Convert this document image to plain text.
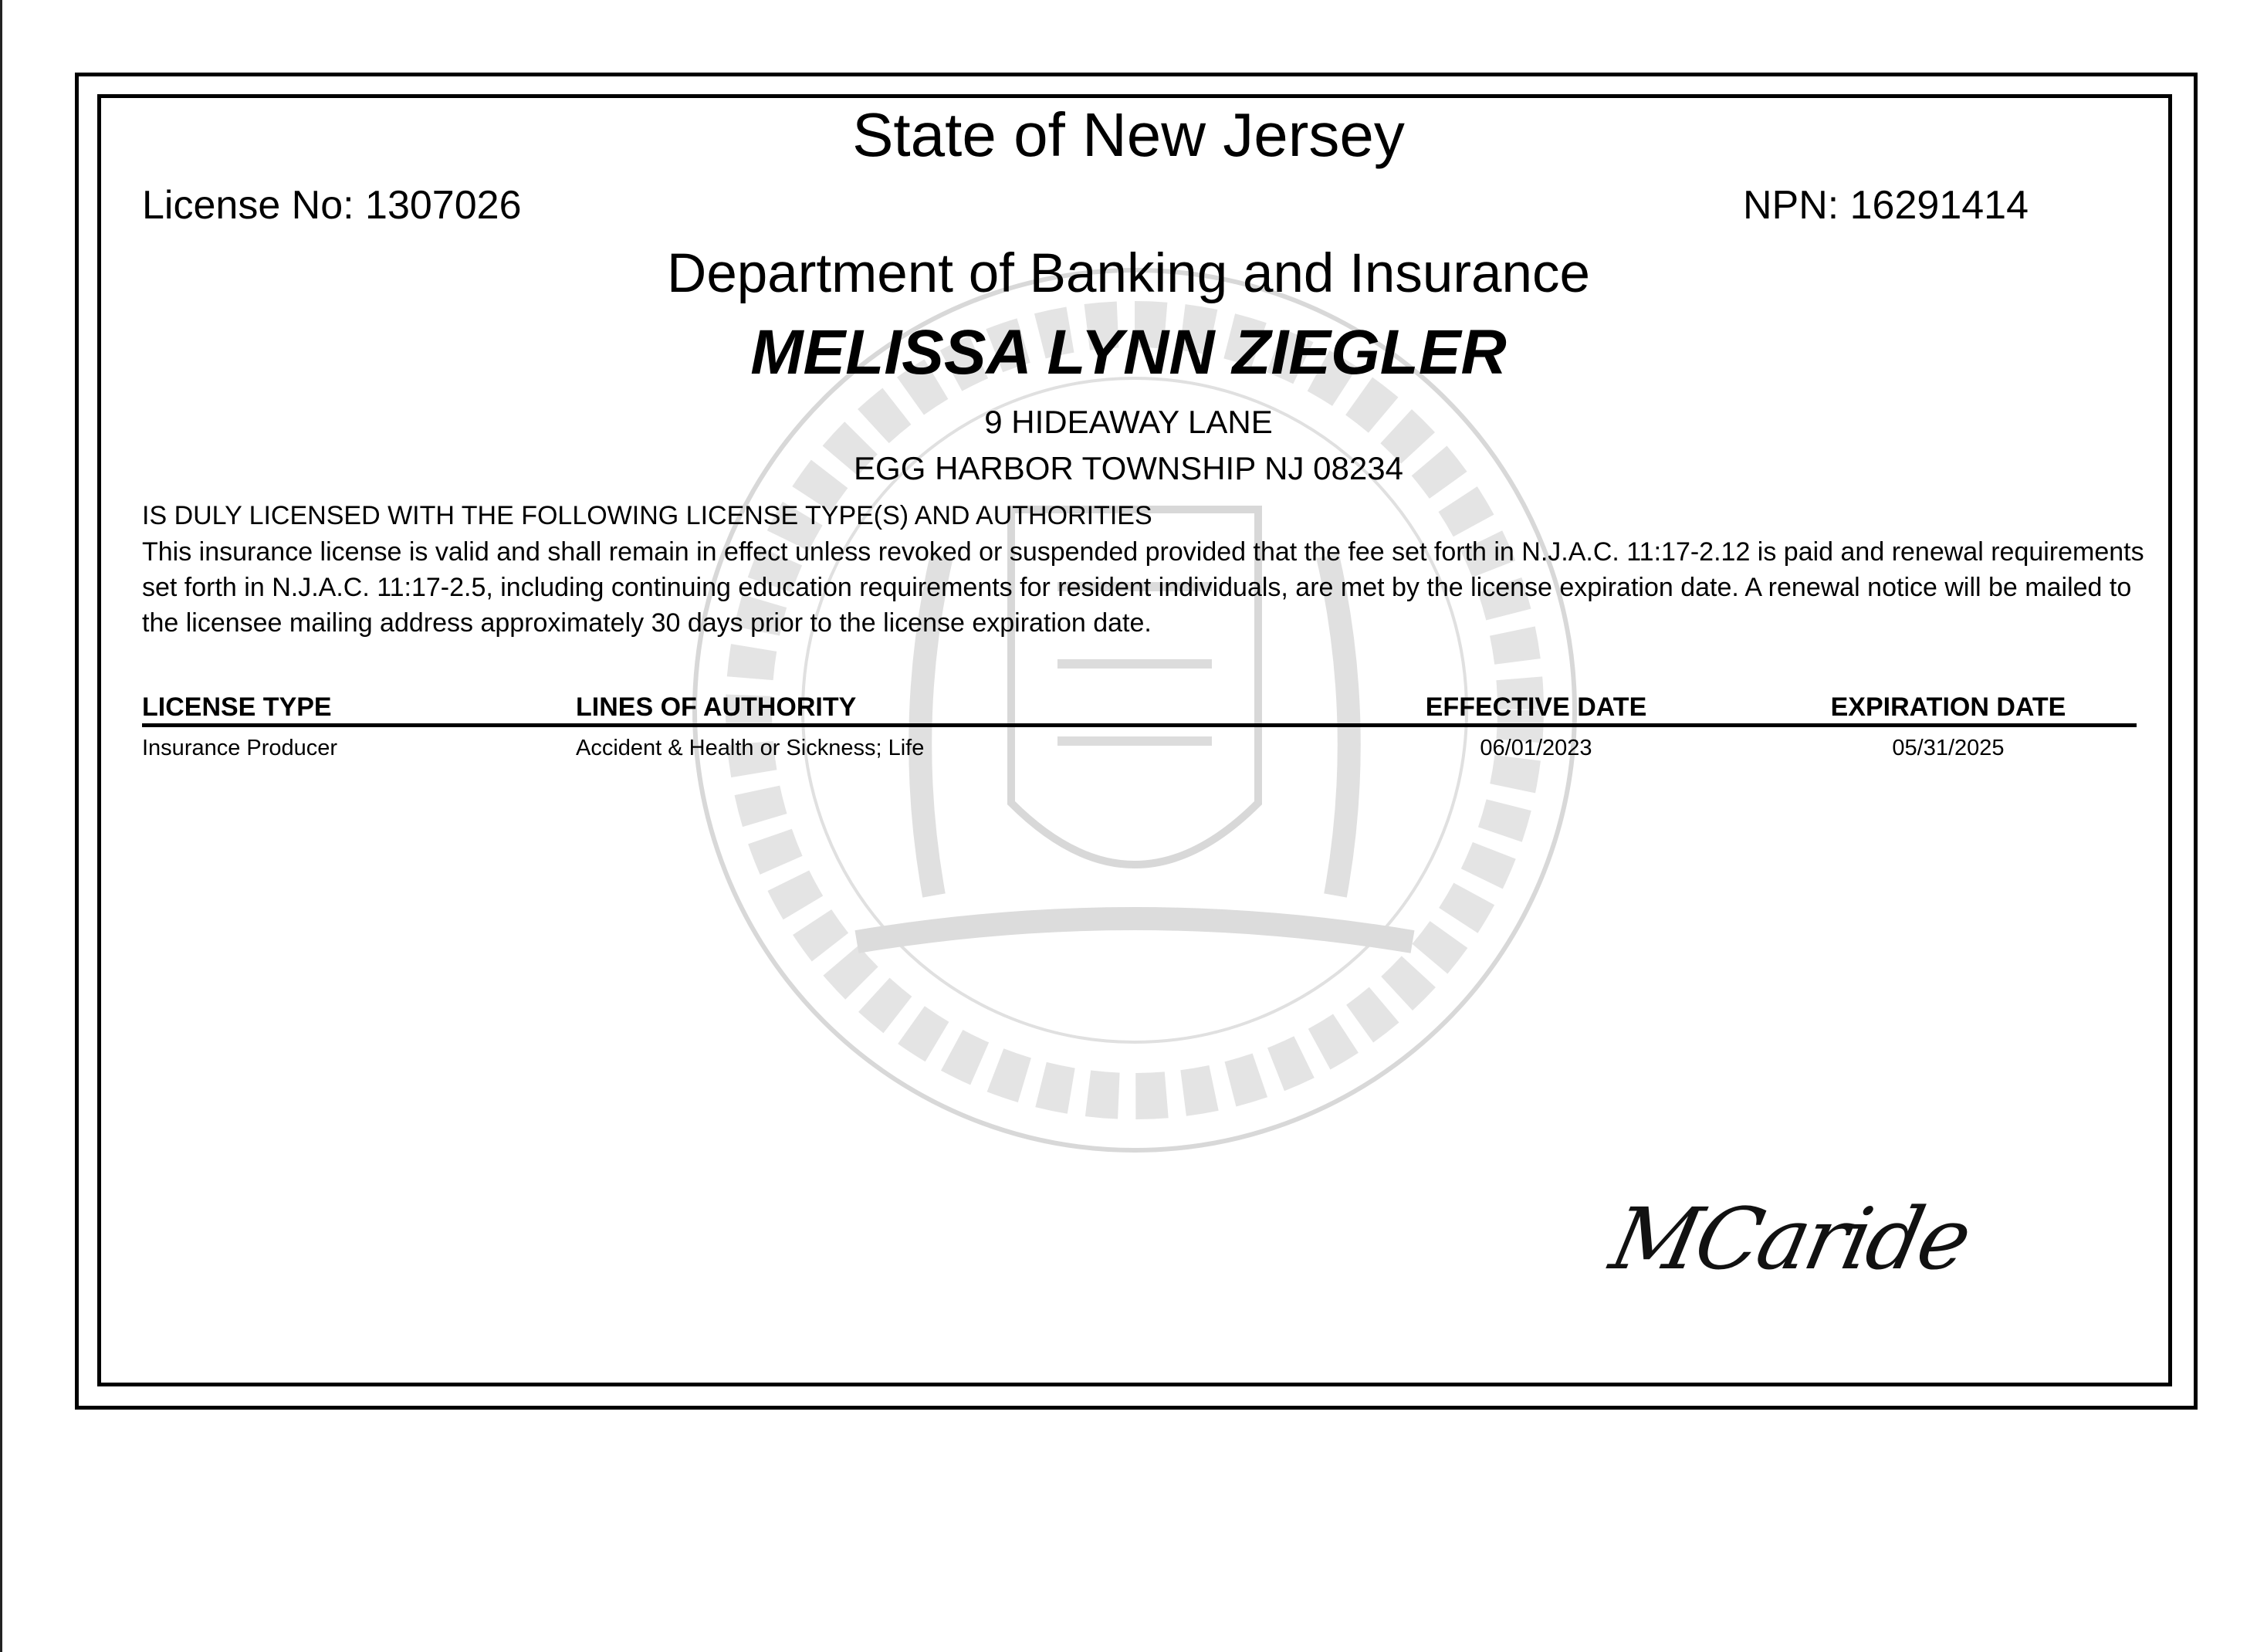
State of New Jersey
License No: 1307026	NPN: 16291414
Department of Banking and Insurance
MELISSA LYNN ZIEGLER
9 HIDEAWAY LANE
EGG HARBOR TOWNSHIP NJ 08234
IS DULY LICENSED WITH THE FOLLOWING LICENSE TYPE(S) AND AUTHORITIES
This insurance license is valid and shall remain in effect unless revoked or suspended provided that the fee set forth in N.J.A.C. 11:17-2.12 is paid and renewal requirements set forth in N.J.A.C. 11:17-2.5, including continuing education requirements for resident individuals, are met by the license expiration date. A renewal notice will be mailed to the licensee mailing address approximately 30 days prior to the license expiration date.
LICENSE TYPE	LINES OF AUTHORITY	EFFECTIVE DATE	EXPIRATION DATE
Insurance Producer	Accident & Health or Sickness; Life	06/01/2023	05/31/2025
MCaride
